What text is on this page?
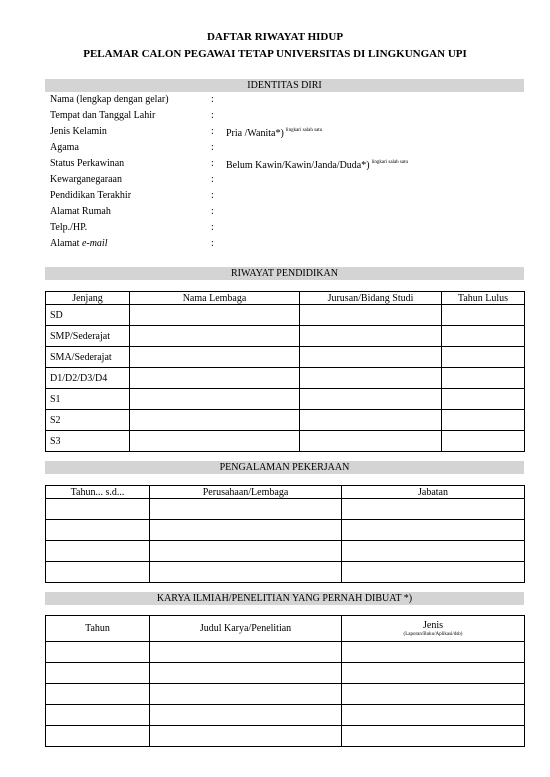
DAFTAR RIWAYAT HIDUP
PELAMAR CALON PEGAWAI TETAP UNIVERSITAS DI LINGKUNGAN UPI
IDENTITAS DIRI
Nama (lengkap dengan gelar)	:
Tempat dan Tanggal Lahir	:
Jenis Kelamin	: Pria /Wanita*) $^{lingkari salah satu}$
Agama	:
Status Perkawinan	: Belum Kawin/Kawin/Janda/Duda*) $^{lingkari salah satu}$
Kewarganegaraan	:
Pendidikan Terakhir	:
Alamat Rumah	:
Telp./HP.	:
Alamat e-mail	:
RIWAYAT PENDIDIKAN
Jenjang	Nama Lembaga	Jurusan/Bidang Studi	Tahun Lulus
SD			
SMP/Sederajat			
SMA/Sederajat			
D1/D2/D3/D4			
S1			
S2			
S3			
PENGALAMAN PEKERJAAN
Tahun... s.d...	Perusahaan/Lembaga	Jabatan

KARYA ILMIAH/PENELITIAN YANG PERNAH DIBUAT *)
Tahun	Judul Karya/Penelitian	Jenis
(Laporan/Buku/Aplikasi/dsb)
